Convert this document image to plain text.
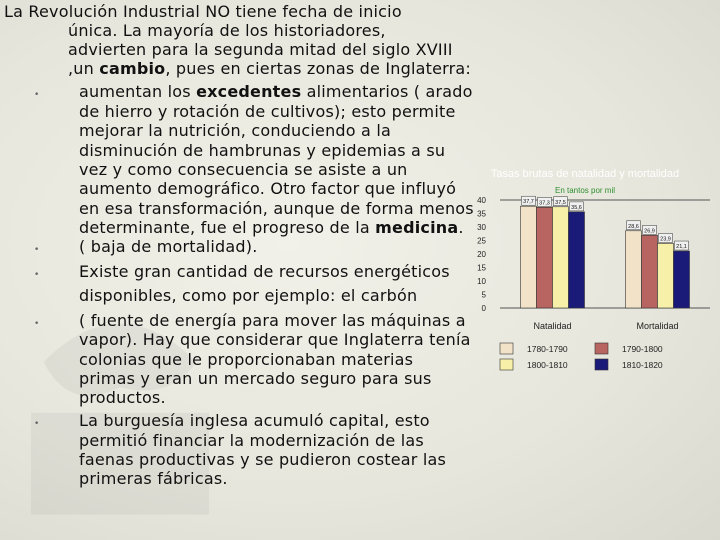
La Revolución Industrial NO tiene fecha de inicio
única. La mayoría de los historiadores,
advierten para la segunda mitad del siglo XVIII
,un cambio, pues en ciertas zonas de Inglaterra:
• aumentan los excedentes alimentarios ( arado
de hierro y rotación de cultivos); esto permite
mejorar la nutrición, conduciendo a la
disminución de hambrunas y epidemias a su
vez y como consecuencia se asiste a un
aumento demográfico. Otro factor que influyó
en esa transformación, aunque de forma menos
determinante, fue el progreso de la medicina.
• ( baja de mortalidad).
• Existe gran cantidad de recursos energéticos
disponibles, como por ejemplo: el carbón
• ( fuente de energía para mover las máquinas a
vapor). Hay que considerar que Inglaterra tenía
colonias que le proporcionaban materias
primas y eran un mercado seguro para sus
productos.
• La burguesía inglesa acumuló capital, esto
permitió financiar la modernización de las
faenas productivas y se pudieron costear las
primeras fábricas.
Tasas brutas de natalidad y mortalidad
En tantos por mil
0
5
10
15
20
25
30
35
40	37,7 37,3 37,5
35,6
Natalidad
28,6
26,9
23,9
21,1
Mortalidad
1780-1790	1790-1800
1800-1810	1810-1820
